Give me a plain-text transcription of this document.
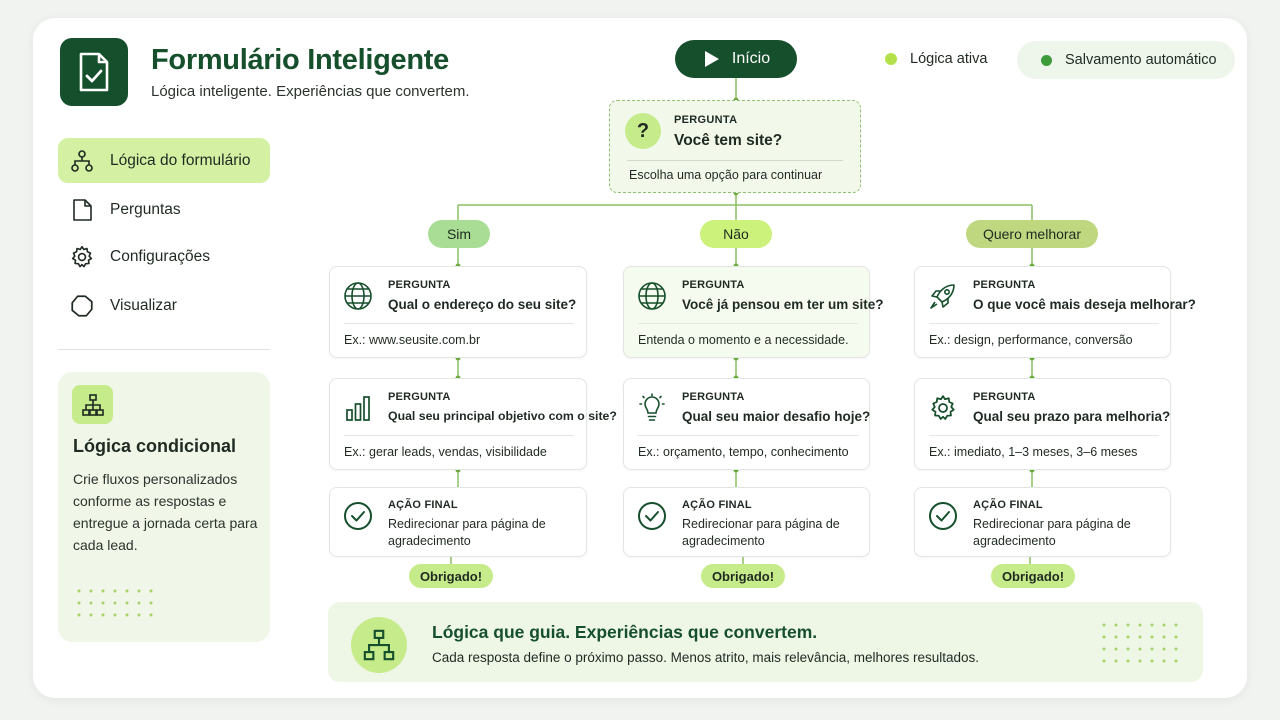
Formulário Inteligente
Lógica inteligente. Experiências que convertem.
Lógica do formulário
Perguntas
Configurações
Visualizar
Lógica condicional
Crie fluxos personalizados conforme as respostas e entregue a jornada certa para cada lead.
Início	Lógica ativa	Salvamento automático
?	PERGUNTA
Você tem site?
Escolha uma opção para continuar
Sim	Não	Quero melhorar
PERGUNTA
Qual o endereço do seu site?
Ex.: www.seusite.com.br
PERGUNTA
Qual seu principal objetivo com o site?
Ex.: gerar leads, vendas, visibilidade
AÇÃO FINAL
Redirecionar para página de agradecimento
Obrigado!
PERGUNTA
Você já pensou em ter um site?
Entenda o momento e a necessidade.
PERGUNTA
Qual seu maior desafio hoje?
Ex.: orçamento, tempo, conhecimento
AÇÃO FINAL
Redirecionar para página de agradecimento
Obrigado!
PERGUNTA
O que você mais deseja melhorar?
Ex.: design, performance, conversão
PERGUNTA
Qual seu prazo para melhoria?
Ex.: imediato, 1–3 meses, 3–6 meses
AÇÃO FINAL
Redirecionar para página de agradecimento
Obrigado!
Lógica que guia. Experiências que convertem.
Cada resposta define o próximo passo. Menos atrito, mais relevância, melhores resultados.
